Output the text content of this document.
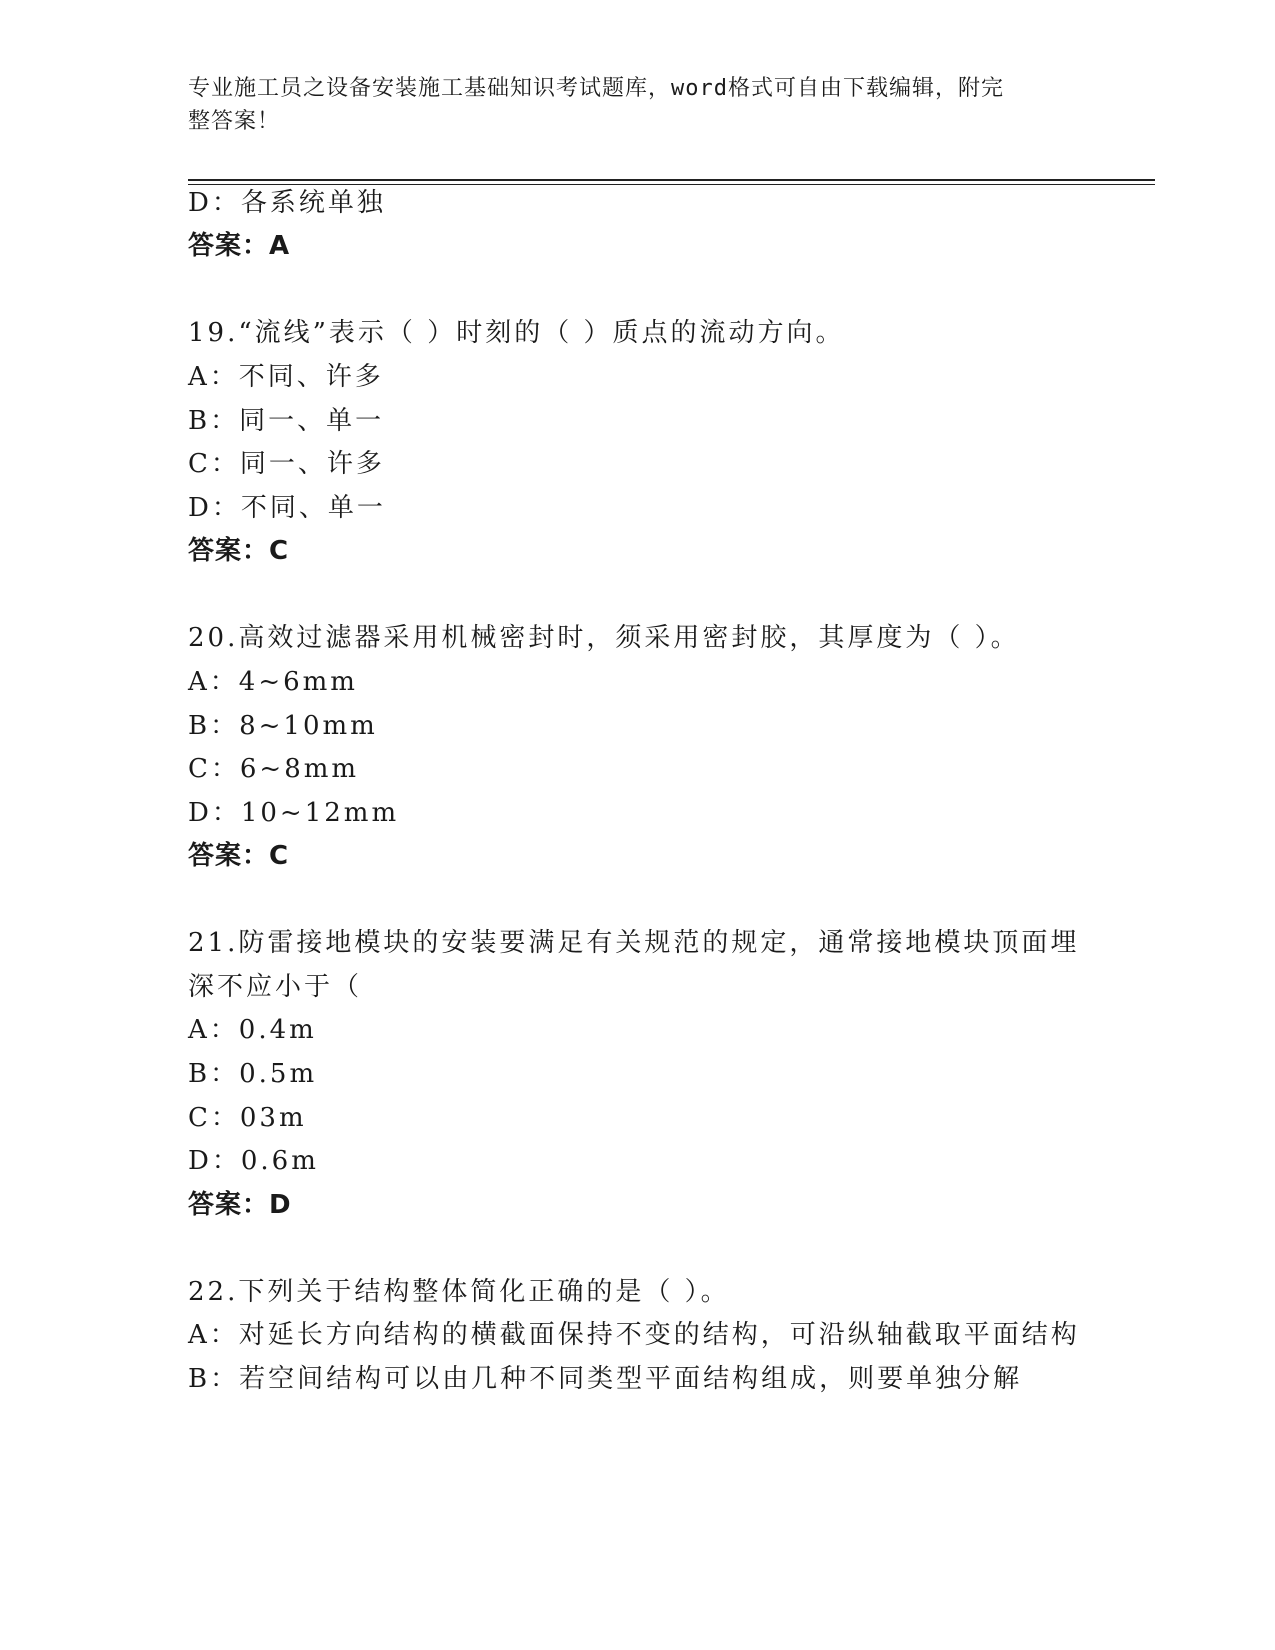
专业施工员之设备安装施工基础知识考试题库，word格式可自由下载编辑，附完
整答案！
D：各系统单独
答案：A
19.“流线”表示（ ）时刻的（ ）质点的流动方向。
A：不同、许多
B：同一、单一
C：同一、许多
D：不同、单一
答案：C
20.高效过滤器采用机械密封时，须采用密封胶，其厚度为（ ）。
A：4~6mm
B：8~10mm
C：6~8mm
D：10~12mm
答案：C
21.防雷接地模块的安装要满足有关规范的规定，通常接地模块顶面埋
深不应小于（
A：0.4m
B：0.5m
C：03m
D：0.6m
答案：D
22.下列关于结构整体简化正确的是（ ）。
A：对延长方向结构的横截面保持不变的结构，可沿纵轴截取平面结构
B：若空间结构可以由几种不同类型平面结构组成，则要单独分解
